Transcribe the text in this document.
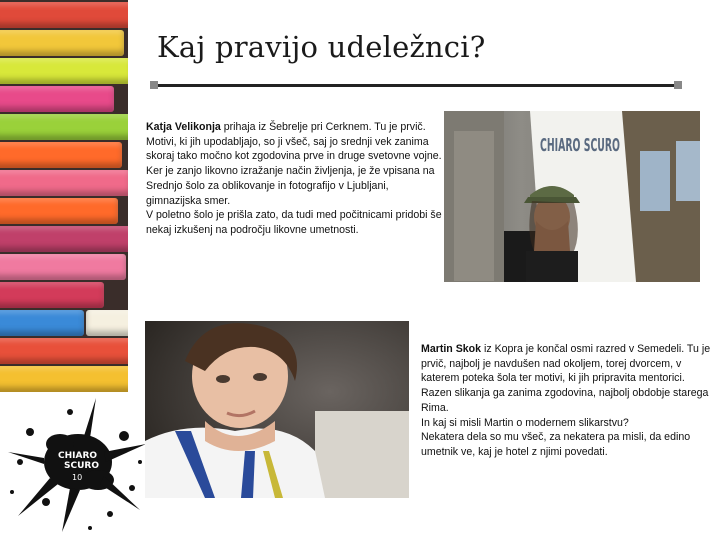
CHIARO
SCURO
10
Kaj pravijo udeležnci?

Katja Velikonja prihaja iz Šebrelje pri Cerknem. Tu je prvič. Motivi, ki jih upodabljajo, so ji všeč, saj jo srednji vek zanima skoraj tako močno kot zgodovina prve in druge svetovne vojne.

Ker je zanjo likovno izražanje način življenja, je že vpisana na Srednjo šolo za oblikovanje in fotografijo v Ljubljani, gimnazijska smer.

V poletno šolo je prišla zato, da tudi med počitnicami pridobi še nekaj izkušenj na področju likovne umetnosti.

CHIARO SCURO

Martin Skok iz Kopra je končal osmi razred v Semedeli. Tu je prvič, najbolj je navdušen nad okoljem, torej dvorcem, v katerem poteka šola ter motivi, ki jih pripravita mentorici.

Razen slikanja ga zanima zgodovina, najbolj obdobje starega Rima.

In kaj si misli Martin o modernem slikarstvu?

Nekatera dela so mu všeč, za nekatera pa misli, da edino umetnik ve, kaj je hotel z njimi povedati.
